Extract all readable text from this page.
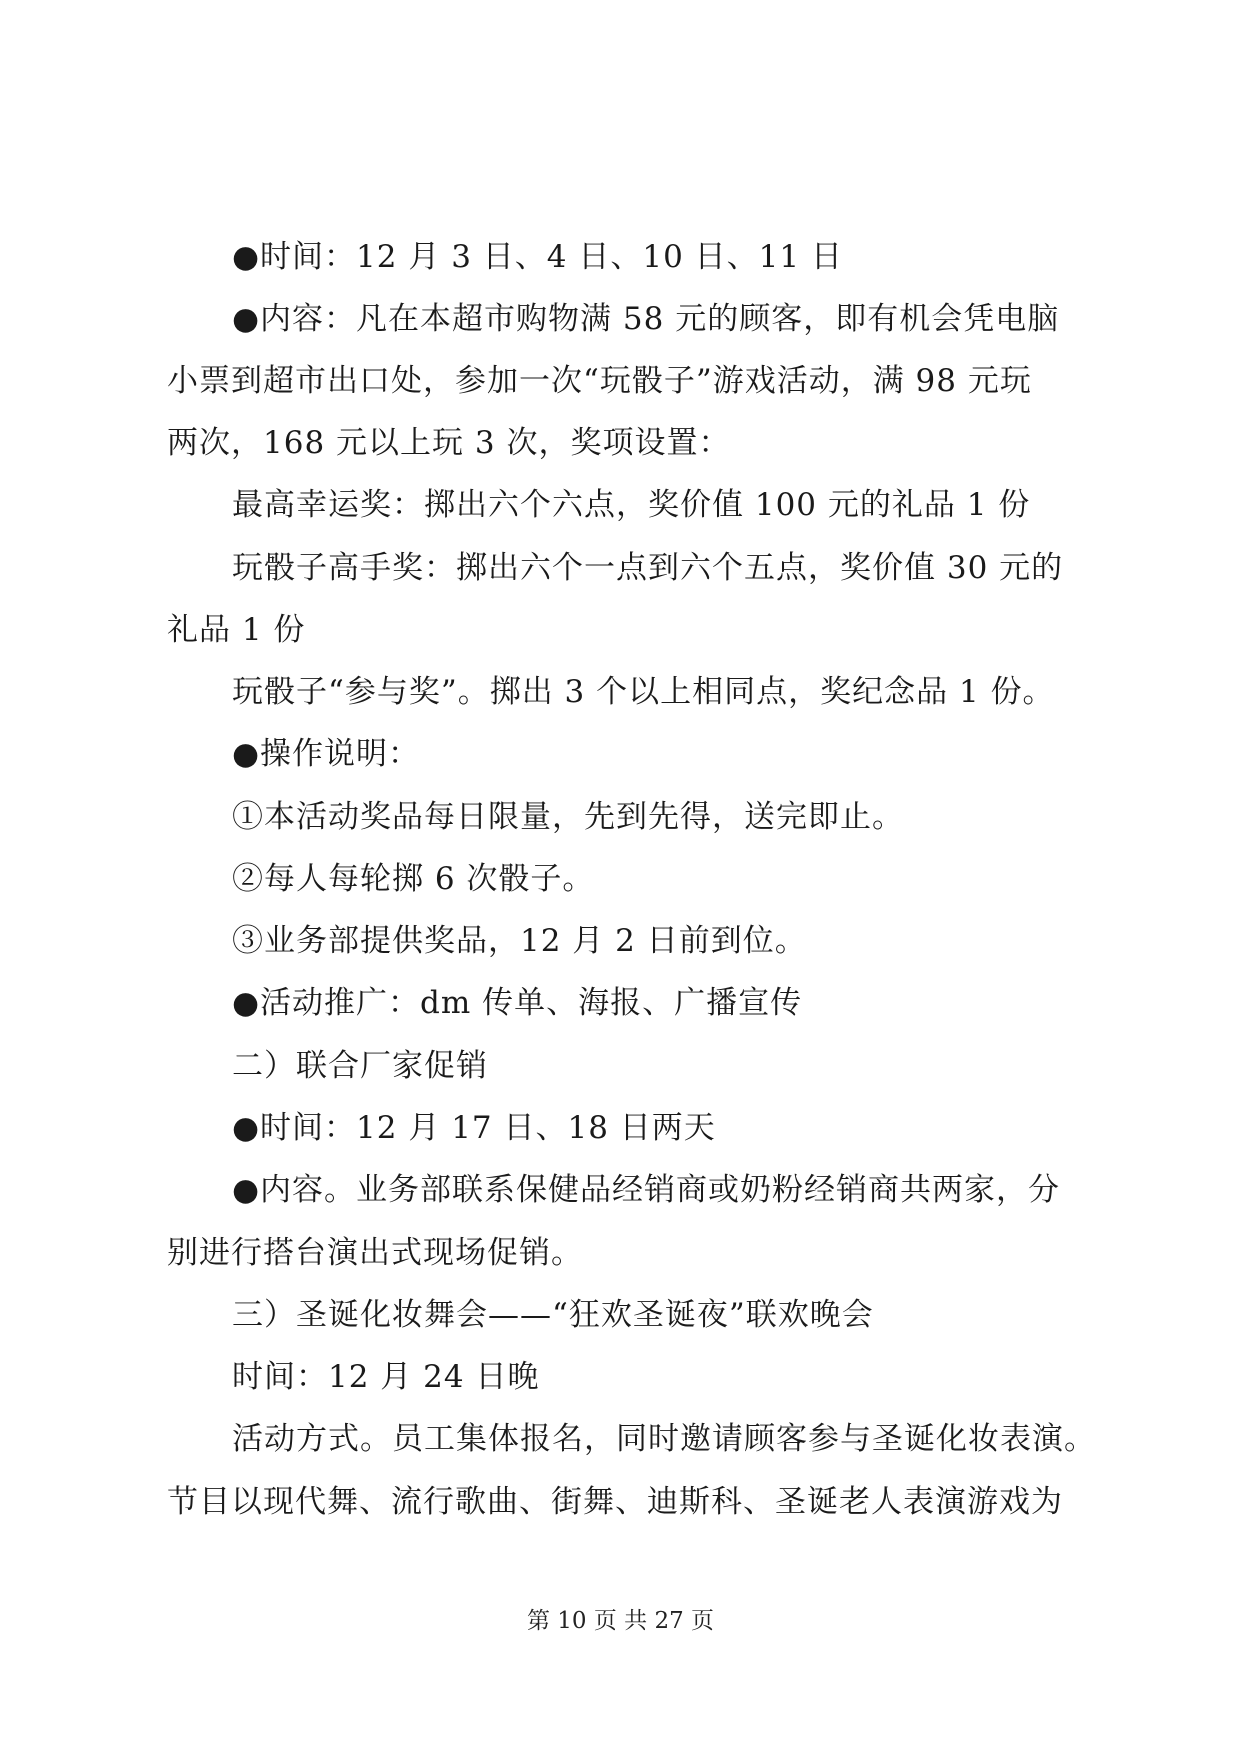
●时间：12 月 3 日、4 日、10 日、11 日
●内容：凡在本超市购物满 58 元的顾客，即有机会凭电脑
小票到超市出口处，参加一次“玩骰子”游戏活动，满 98 元玩
两次，168 元以上玩 3 次，奖项设置：
最高幸运奖：掷出六个六点，奖价值 100 元的礼品 1 份
玩骰子高手奖：掷出六个一点到六个五点，奖价值 30 元的
礼品 1 份
玩骰子“参与奖”。掷出 3 个以上相同点，奖纪念品 1 份。
●操作说明：
①本活动奖品每日限量，先到先得，送完即止。
②每人每轮掷 6 次骰子。
③业务部提供奖品，12 月 2 日前到位。
●活动推广：dm 传单、海报、广播宣传
二）联合厂家促销
●时间：12 月 17 日、18 日两天
●内容。业务部联系保健品经销商或奶粉经销商共两家，分
别进行搭台演出式现场促销。
三）圣诞化妆舞会——“狂欢圣诞夜”联欢晚会
时间：12 月 24 日晚
活动方式。员工集体报名，同时邀请顾客参与圣诞化妆表演。
节目以现代舞、流行歌曲、街舞、迪斯科、圣诞老人表演游戏为
第 10 页 共 27 页
